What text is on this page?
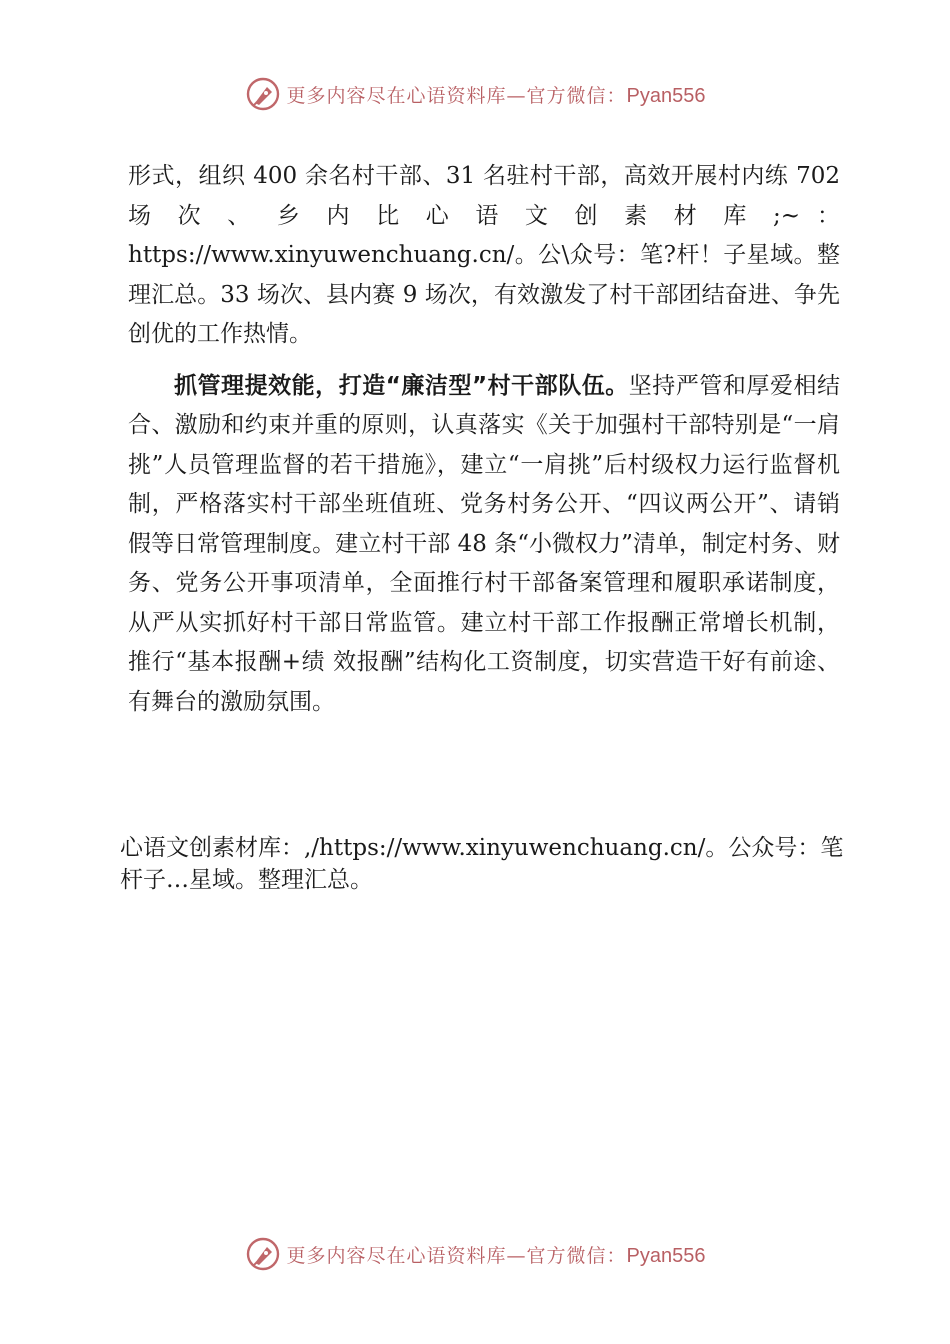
更多内容尽在心语资料库—官方微信：Pyan556

形式，组织 400 余名村干部、31 名驻村干部，高效开展村内练 702
场 次 、 乡 内 比 心 语 文 创 素 材 库 ;~ ：
https://www.xinyuwenchuang.cn/。公\众号：笔?杆！子星域。整理汇总。33 场次、县内赛 9 场次，有效激发了村干部团结奋进、争先创优的工作热情。

抓管理提效能，打造“廉洁型”村干部队伍。坚持严管和厚爱相结合、激励和约束并重的原则，认真落实《关于加强村干部特别是“一肩挑”人员管理监督的若干措施》，建立“一肩挑”后村级权力运行监督机制，严格落实村干部坐班值班、党务村务公开、“四议两公开”、请销假等日常管理制度。建立村干部 48 条“小微权力”清单，制定村务、财务、党务公开事项清单，全面推行村干部备案管理和履职承诺制度，从严从实抓好村干部日常监管。建立村干部工作报酬正常增长机制，推行“基本报酬+绩 效报酬”结构化工资制度，切实营造干好有前途、有舞台的激励氛围。

心语文创素材库：,/https://www.xinyuwenchuang.cn/。公众号：笔杆子…星域。整理汇总。
更多内容尽在心语资料库—官方微信：Pyan556
